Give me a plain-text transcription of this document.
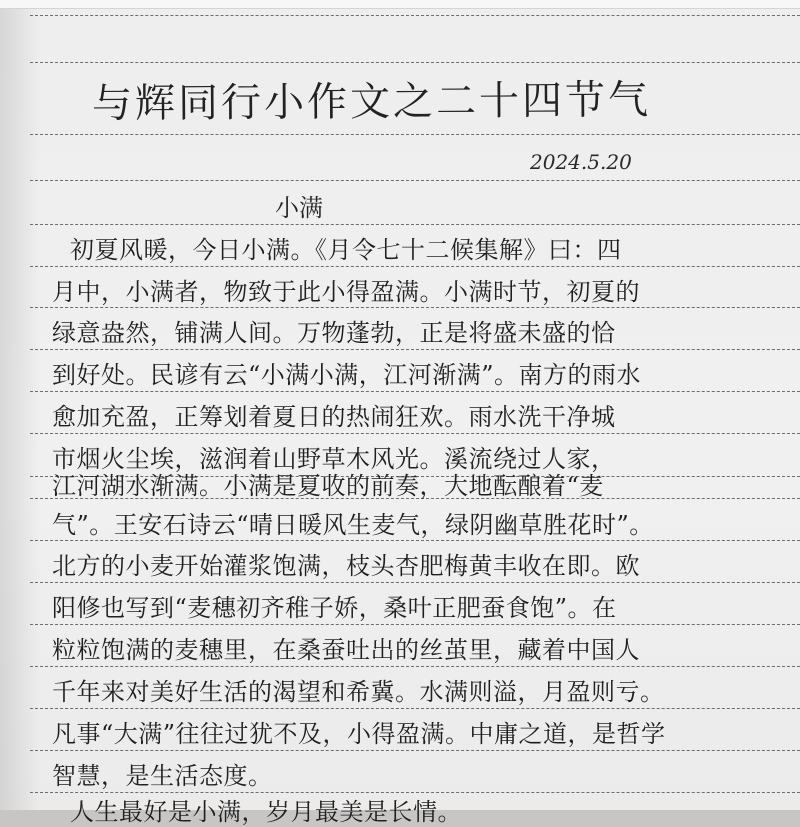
与辉同行小作文之二十四节气
2024.5.20
小满
初夏风暖，今日小满。《月令七十二候集解》曰：四
月中，小满者，物致于此小得盈满。小满时节，初夏的
绿意盎然，铺满人间。万物蓬勃，正是将盛未盛的恰
到好处。民谚有云“小满小满，江河渐满”。南方的雨水
愈加充盈，正筹划着夏日的热闹狂欢。雨水洗干净城
市烟火尘埃，滋润着山野草木风光。溪流绕过人家，
江河湖水渐满。小满是夏收的前奏，大地酝酿着“麦
气”。王安石诗云“晴日暖风生麦气，绿阴幽草胜花时”。
北方的小麦开始灌浆饱满，枝头杏肥梅黄丰收在即。欧
阳修也写到“麦穗初齐稚子娇，桑叶正肥蚕食饱”。在
粒粒饱满的麦穗里，在桑蚕吐出的丝茧里，藏着中国人
千年来对美好生活的渴望和希冀。水满则溢，月盈则亏。
凡事“大满”往往过犹不及，小得盈满。中庸之道，是哲学
智慧，是生活态度。
人生最好是小满，岁月最美是长情。
